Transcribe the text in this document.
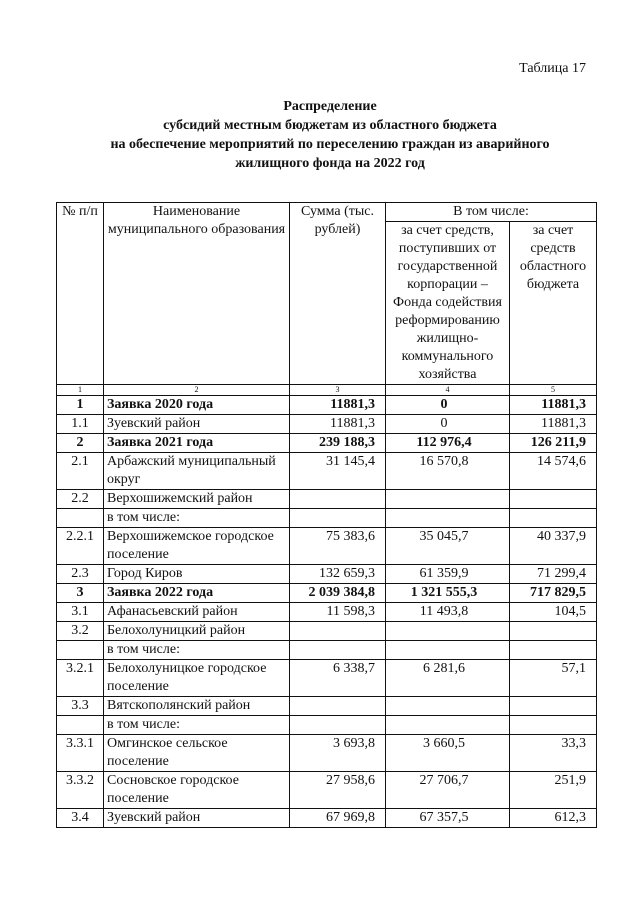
Таблица 17
Распределение
субсидий местным бюджетам из областного бюджета
на обеспечение мероприятий по переселению граждан из аварийного
жилищного фонда на 2022 год
№ п/п	Наименование муниципального образования	Сумма (тыс. рублей)	В том числе:	
			за счет средств, поступивших от государственной корпорации – Фонда содействия реформированию жилищно-коммунального хозяйства	за счет средств областного бюджета
1	2	3	4	5
1	Заявка 2020 года	11881,3	0	11881,3
1.1	Зуевский район	11881,3	0	11881,3
2	Заявка 2021 года	239 188,3	112 976,4	126 211,9
2.1	Арбажский муниципальный округ	31 145,4	16 570,8	14 574,6
2.2	Верхошижемский район			
	в том числе:			
2.2.1	Верхошижемское городское поселение	75 383,6	35 045,7	40 337,9
2.3	Город Киров	132 659,3	61 359,9	71 299,4
3	Заявка 2022 года	2 039 384,8	1 321 555,3	717 829,5
3.1	Афанасьевский район	11 598,3	11 493,8	104,5
3.2	Белохолуницкий район			
	в том числе:			
3.2.1	Белохолуницкое городское поселение	6 338,7	6 281,6	57,1
3.3	Вятскополянский район			
	в том числе:			
3.3.1	Омгинское сельское поселение	3 693,8	3 660,5	33,3
3.3.2	Сосновское городское поселение	27 958,6	27 706,7	251,9
3.4	Зуевский район	67 969,8	67 357,5	612,3
